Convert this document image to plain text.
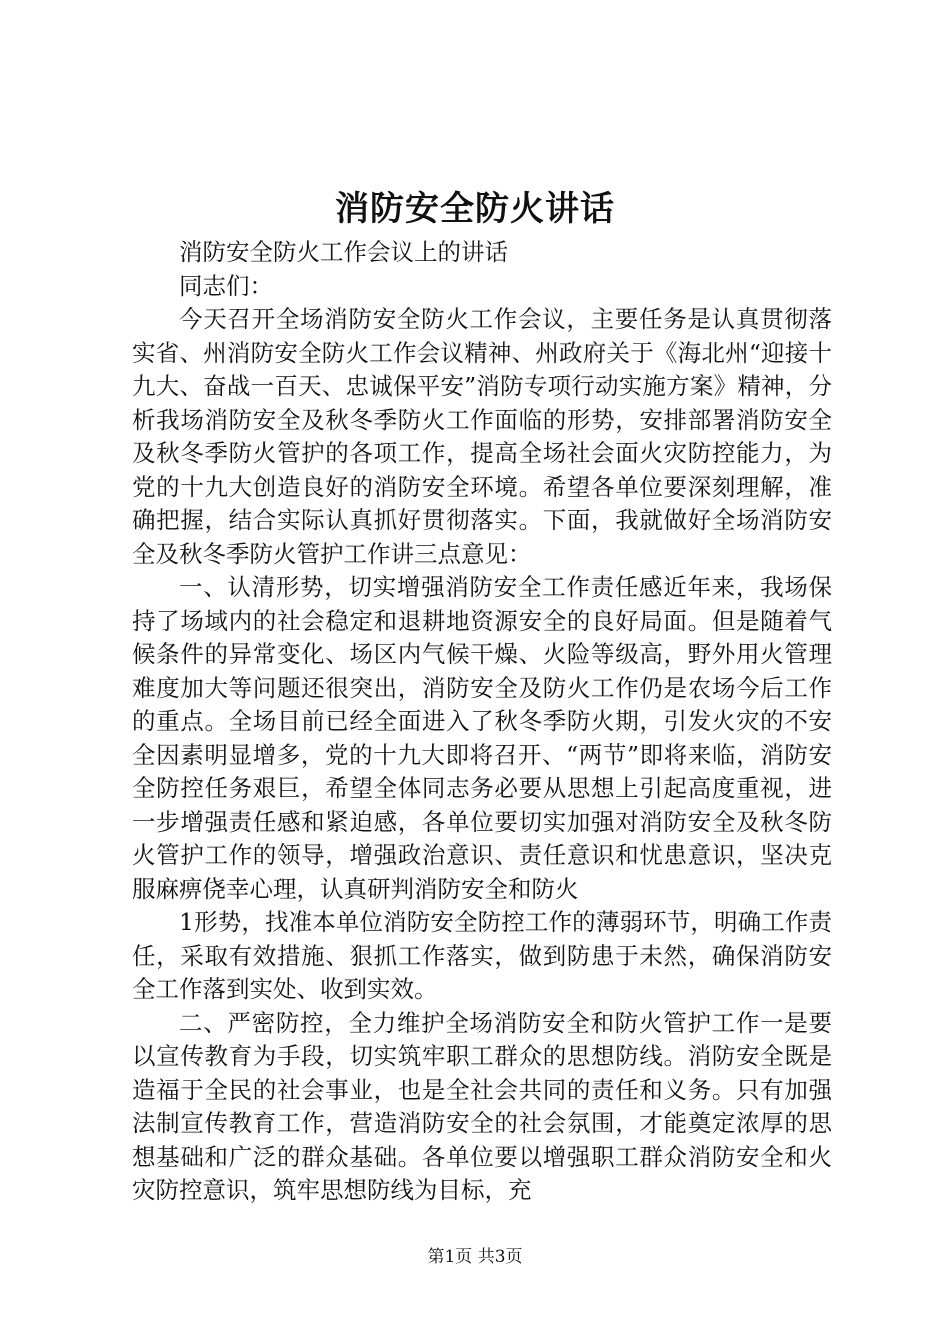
消防安全防火讲话

消防安全防火工作会议上的讲话

同志们：

今天召开全场消防安全防火工作会议，主要任务是认真贯彻落实省、州消防安全防火工作会议精神、州政府关于《海北州“迎接十九大、奋战一百天、忠诚保平安”消防专项行动实施方案》精神，分析我场消防安全及秋冬季防火工作面临的形势，安排部署消防安全及秋冬季防火管护的各项工作，提高全场社会面火灾防控能力，为党的十九大创造良好的消防安全环境。希望各单位要深刻理解，准确把握，结合实际认真抓好贯彻落实。下面，我就做好全场消防安全及秋冬季防火管护工作讲三点意见：

一、认清形势，切实增强消防安全工作责任感近年来，我场保持了场域内的社会稳定和退耕地资源安全的良好局面。但是随着气候条件的异常变化、场区内气候干燥、火险等级高，野外用火管理难度加大等问题还很突出，消防安全及防火工作仍是农场今后工作的重点。全场目前已经全面进入了秋冬季防火期，引发火灾的不安全因素明显增多，党的十九大即将召开、“两节”即将来临，消防安全防控任务艰巨，希望全体同志务必要从思想上引起高度重视，进一步增强责任感和紧迫感，各单位要切实加强对消防安全及秋冬防火管护工作的领导，增强政治意识、责任意识和忧患意识，坚决克服麻痹侥幸心理，认真研判消防安全和防火

1形势，找准本单位消防安全防控工作的薄弱环节，明确工作责任，采取有效措施、狠抓工作落实，做到防患于未然，确保消防安全工作落到实处、收到实效。

二、严密防控，全力维护全场消防安全和防火管护工作一是要以宣传教育为手段，切实筑牢职工群众的思想防线。消防安全既是造福于全民的社会事业，也是全社会共同的责任和义务。只有加强法制宣传教育工作，营造消防安全的社会氛围，才能奠定浓厚的思想基础和广泛的群众基础。各单位要以增强职工群众消防安全和火灾防控意识，筑牢思想防线为目标，充

第1页 共3页
